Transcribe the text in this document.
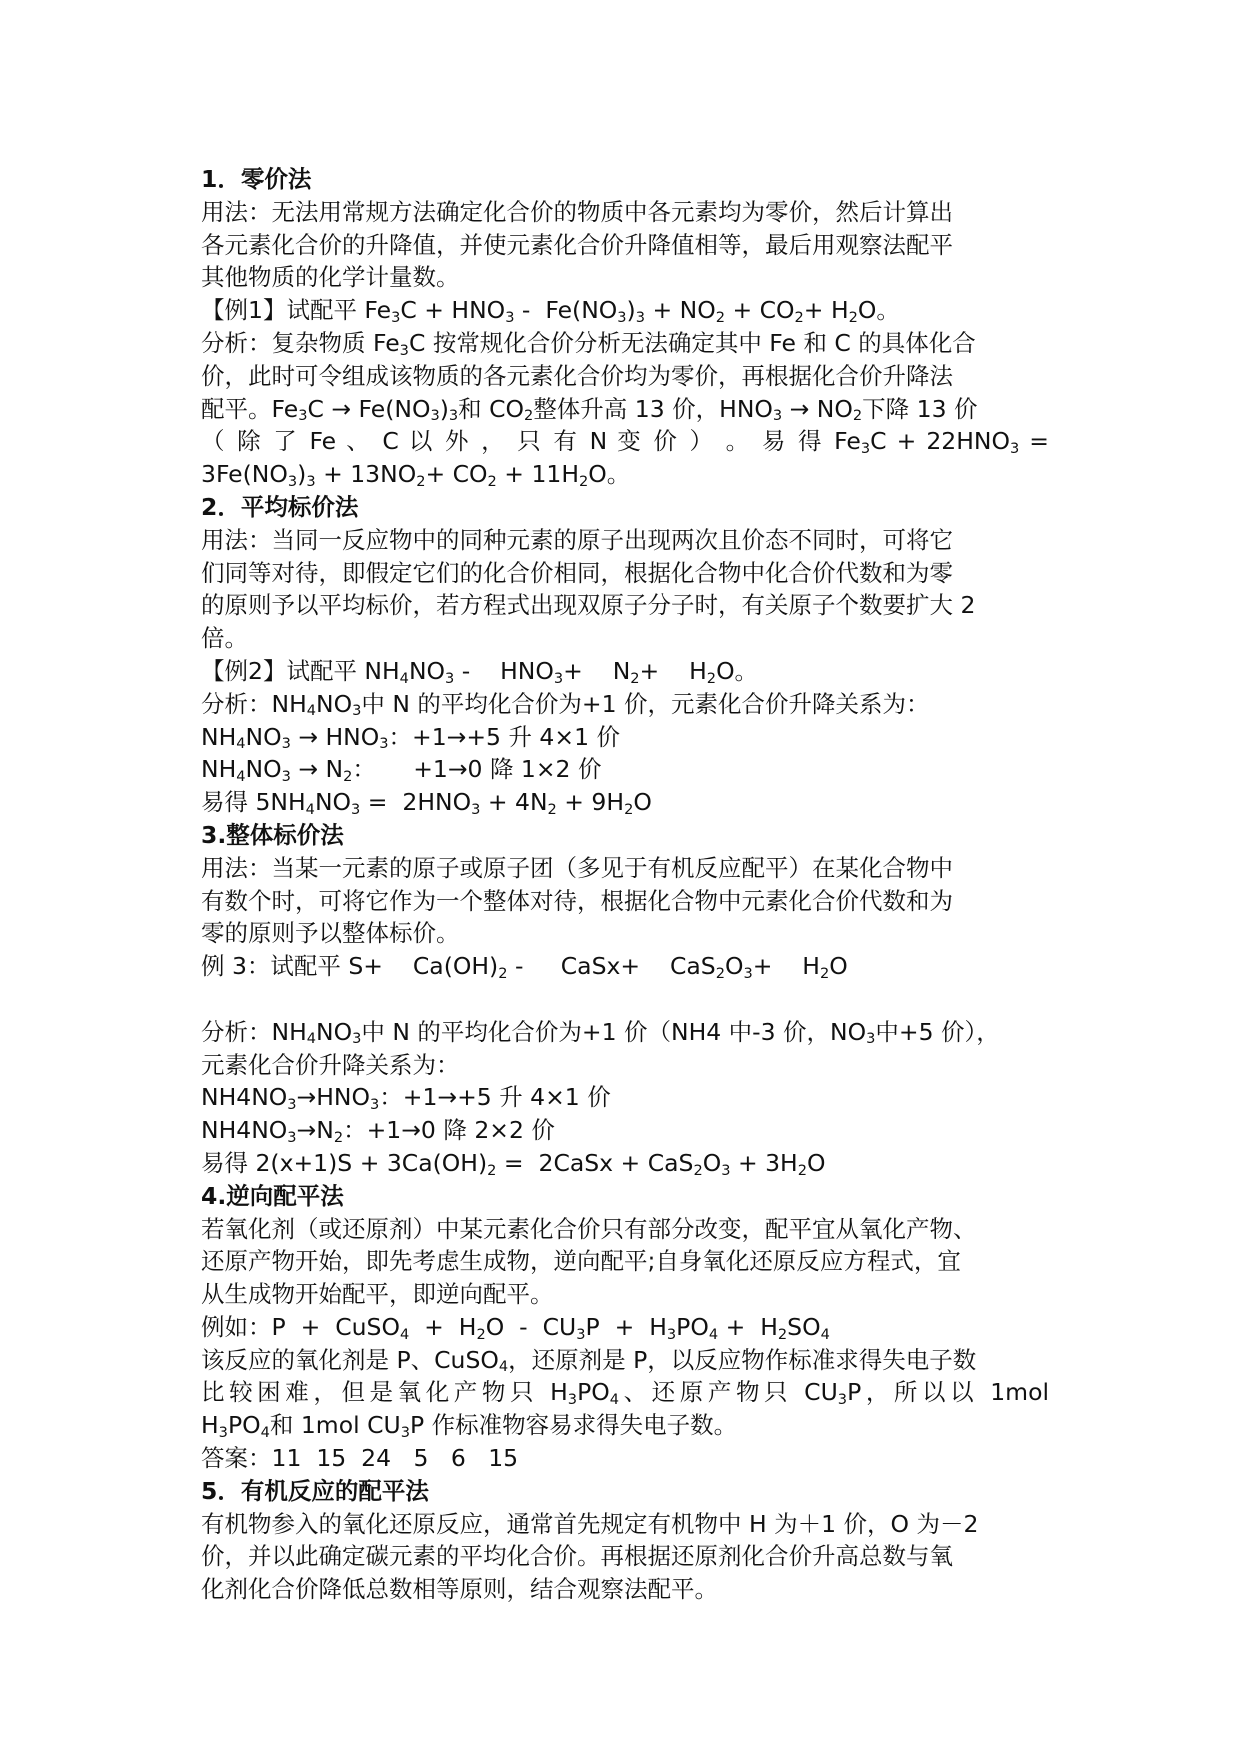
1．零价法
用法：无法用常规方法确定化合价的物质中各元素均为零价，然后计算出
各元素化合价的升降值，并使元素化合价升降值相等，最后用观察法配平
其他物质的化学计量数。
【例1】试配平 $Fe_3C + HNO_3 - Fe(NO_3)_3 + NO_2 + CO_2+ H_2O$。
分析：复杂物质 $Fe_3C$ 按常规化合价分析无法确定其中 Fe 和 C 的具体化合
价，此时可令组成该物质的各元素化合价均为零价，再根据化合价升降法
配平。$Fe_3C \to Fe(NO_3)_3$和 $CO_2$整体升高 13 价，$HNO_3 \to NO_2$下降 13 价
（ 除 了 Fe 、 C 以 外 ， 只 有 N 变 价 ） 。 易 得 $Fe_3C + 22HNO_3$ =
$3Fe(NO_3)_3 + 13NO_2+ CO_2 + 11H_2O$。
2．平均标价法
用法：当同一反应物中的同种元素的原子出现两次且价态不同时，可将它
们同等对待，即假定它们的化合价相同，根据化合物中化合价代数和为零
的原则予以平均标价，若方程式出现双原子分子时，有关原子个数要扩大 2
倍。
【例2】试配平 $NH_4NO_3$ -    $HNO_3+$    $N_2+$    $H_2O$。
分析：$NH_4NO_3$中 N 的平均化合价为+1 价，元素化合价升降关系为：
$NH_4NO_3 \to HNO_3$：+1→+5 升 4×1 价
$NH_4NO_3 \to N_2$：     +1→0 降 1×2 价
易得 $5NH_4NO_3 = 2HNO_3 + 4N_2 + 9H_2O$
3.整体标价法
用法：当某一元素的原子或原子团（多见于有机反应配平）在某化合物中
有数个时，可将它作为一个整体对待，根据化合物中元素化合价代数和为
零的原则予以整体标价。
例 3：试配平 S+    $Ca(OH)_2$ -     CaSx+    $CaS_2O_3+$    $H_2O$
分析：$NH_4NO_3$中 N 的平均化合价为+1 价（NH4 中-3 价，$NO_3$中+5 价），
元素化合价升降关系为：
$NH4NO_3\to HNO_3$：+1→+5 升 4×1 价
$NH4NO_3\to N_2$：+1→0 降 2×2 价
易得 $2(x+1)S + 3Ca(OH)_2$ =  2CaSx + $CaS_2O_3 + 3H_2O$
4.逆向配平法
若氧化剂（或还原剂）中某元素化合价只有部分改变，配平宜从氧化产物、
还原产物开始，即先考虑生成物，逆向配平;自身氧化还原反应方程式，宜
从生成物开始配平，即逆向配平。
例如：P  +  CuSO$_4$  +  $H_2O - CU_3P + H_3PO_4 + H_2SO_4$
该反应的氧化剂是 P、CuSO$_4$，还原剂是 P，以反应物作标准求得失电子数
比较困难，但是氧化产物只 $H_3PO_4$、还原产物只 $CU_3P$，所以以 1mol
$H_3PO_4$和 1mol $CU_3P$ 作标准物容易求得失电子数。
答案：11  15  24   5   6   15
5．有机反应的配平法
有机物参入的氧化还原反应，通常首先规定有机物中 H 为＋1 价，O 为－2
价，并以此确定碳元素的平均化合价。再根据还原剂化合价升高总数与氧
化剂化合价降低总数相等原则，结合观察法配平。
